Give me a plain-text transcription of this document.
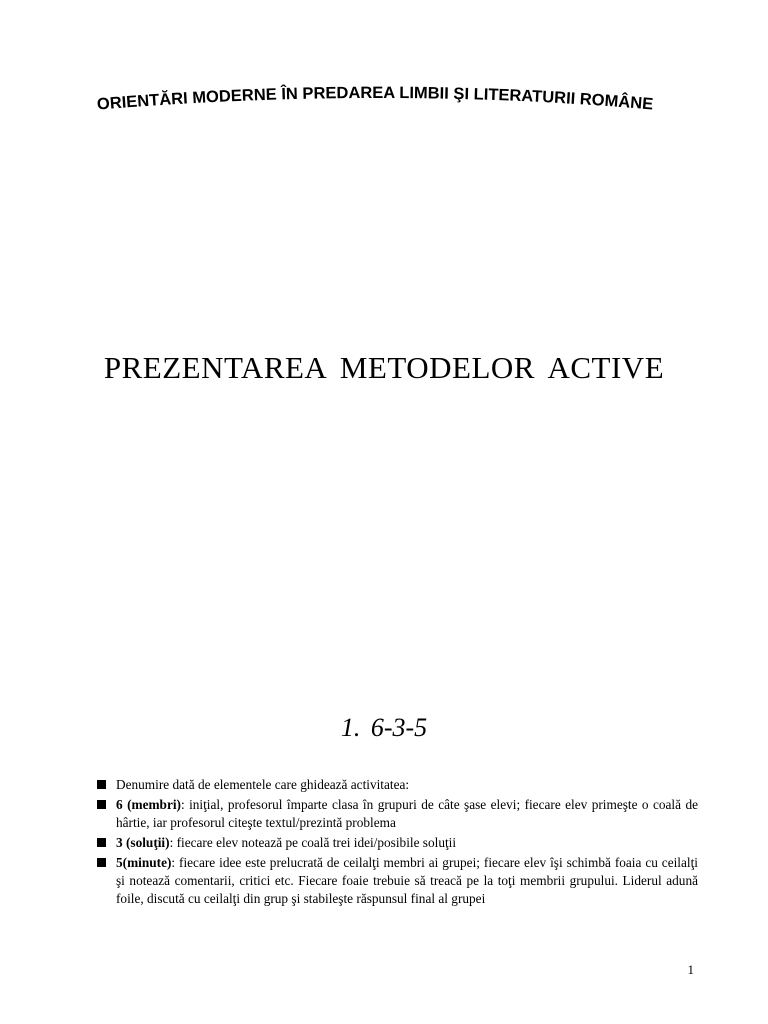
ORIENTĂRI MODERNE ÎN PREDAREA LIMBII ŞI LITERATURII ROMÂNE
PREZENTAREA METODELOR ACTIVE
1. 6-3-5
Denumire dată de elementele care ghidează activitatea:
6 (membri): iniţial, profesorul împarte clasa în grupuri de câte şase elevi; fiecare elev primeşte o coală de hârtie, iar profesorul citeşte textul/prezintă problema
3 (soluţii): fiecare elev notează pe coală trei idei/posibile soluţii
5(minute): fiecare idee este prelucrată de ceilalţi membri ai grupei; fiecare elev îşi schimbă foaia cu ceilalţi şi notează comentarii, critici etc. Fiecare foaie trebuie să treacă pe la toţi membrii grupului. Liderul adună foile, discută cu ceilalţi din grup şi stabileşte răspunsul final al grupei
1
